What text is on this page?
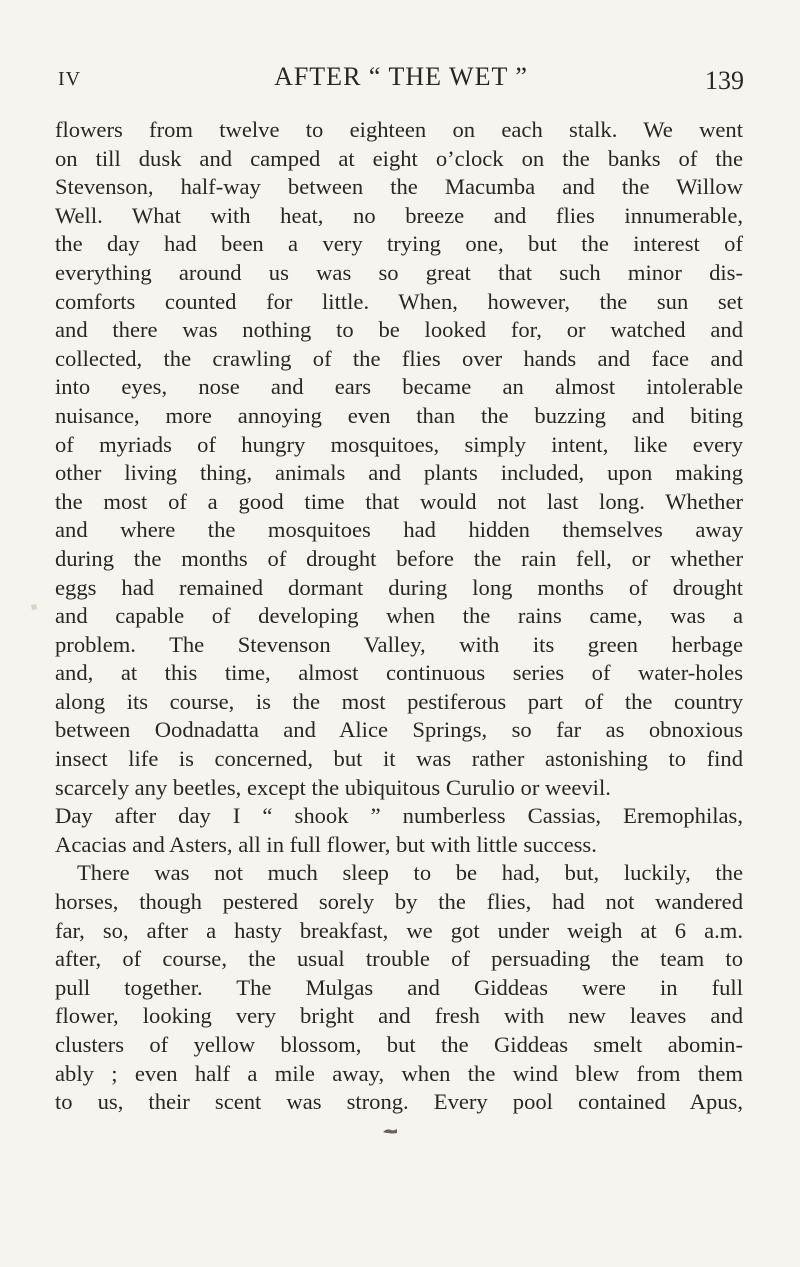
IV	AFTER “ THE WET ”	139
flowers from twelve to eighteen on each stalk. We went
on till dusk and camped at eight o’clock on the banks of the
Stevenson, half-way between the Macumba and the Willow
Well. What with heat, no breeze and flies innumerable,
the day had been a very trying one, but the interest of
everything around us was so great that such minor dis-
comforts counted for little. When, however, the sun set
and there was nothing to be looked for, or watched and
collected, the crawling of the flies over hands and face and
into eyes, nose and ears became an almost intolerable
nuisance, more annoying even than the buzzing and biting
of myriads of hungry mosquitoes, simply intent, like every
other living thing, animals and plants included, upon making
the most of a good time that would not last long. Whether
and where the mosquitoes had hidden themselves away
during the months of drought before the rain fell, or whether
eggs had remained dormant during long months of drought
and capable of developing when the rains came, was a
problem. The Stevenson Valley, with its green herbage
and, at this time, almost continuous series of water-holes
along its course, is the most pestiferous part of the country
between Oodnadatta and Alice Springs, so far as obnoxious
insect life is concerned, but it was rather astonishing to find
scarcely any beetles, except the ubiquitous Curulio or weevil.
Day after day I “ shook ” numberless Cassias, Eremophilas,
Acacias and Asters, all in full flower, but with little success.
There was not much sleep to be had, but, luckily, the
horses, though pestered sorely by the flies, had not wandered
far, so, after a hasty breakfast, we got under weigh at 6 a.m.
after, of course, the usual trouble of persuading the team to
pull together. The Mulgas and Giddeas were in full
flower, looking very bright and fresh with new leaves and
clusters of yellow blossom, but the Giddeas smelt abomin-
ably ; even half a mile away, when the wind blew from them
to us, their scent was strong. Every pool contained Apus,
